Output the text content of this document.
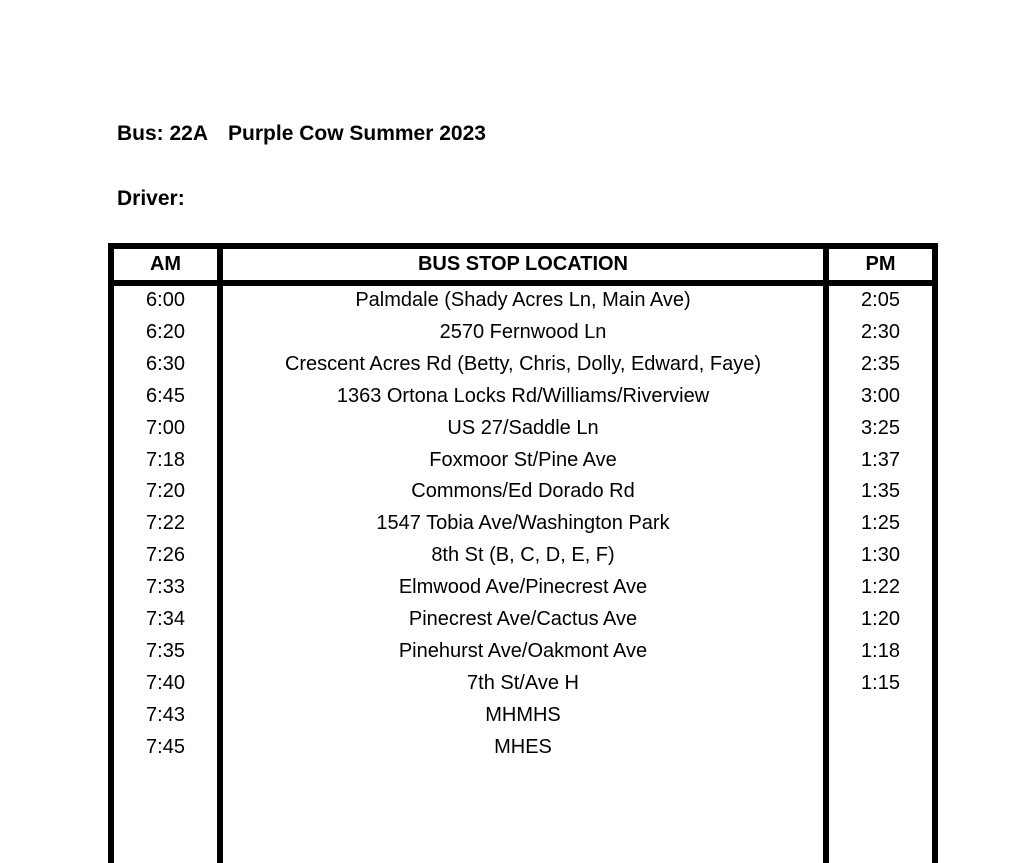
Bus: 22A Purple Cow Summer 2023
Driver:
AM	BUS STOP LOCATION	PM
6:00	Palmdale (Shady Acres Ln, Main Ave)	2:05
6:20	2570 Fernwood Ln	2:30
6:30	Crescent Acres Rd (Betty, Chris, Dolly, Edward, Faye)	2:35
6:45	1363 Ortona Locks Rd/Williams/Riverview	3:00
7:00	US 27/Saddle Ln	3:25
7:18	Foxmoor St/Pine Ave	1:37
7:20	Commons/Ed Dorado Rd	1:35
7:22	1547 Tobia Ave/Washington Park	1:25
7:26	8th St (B, C, D, E, F)	1:30
7:33	Elmwood Ave/Pinecrest Ave	1:22
7:34	Pinecrest Ave/Cactus Ave	1:20
7:35	Pinehurst Ave/Oakmont Ave	1:18
7:40	7th St/Ave H	1:15
7:43	MHMHS
7:45	MHES
